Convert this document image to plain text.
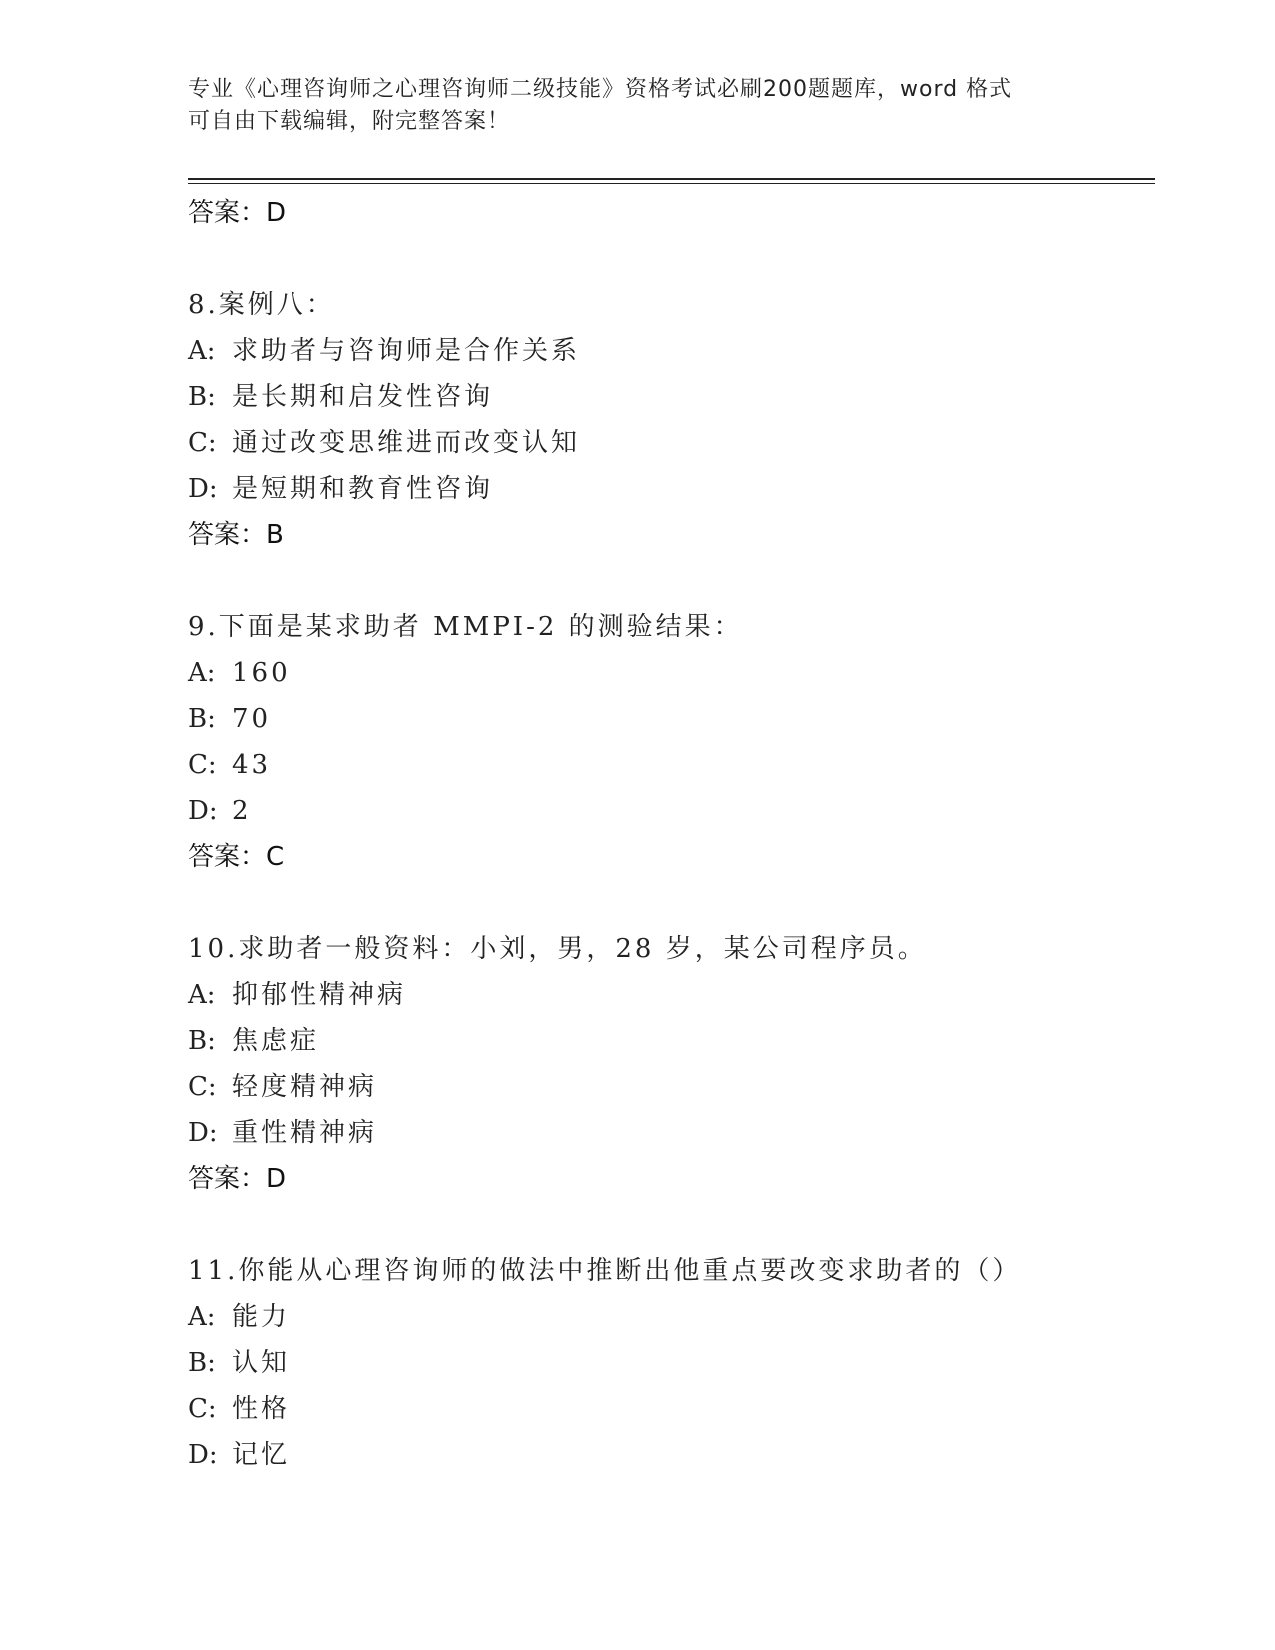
专业《心理咨询师之心理咨询师二级技能》资格考试必刷200题题库，word 格式
可自由下载编辑，附完整答案！
答案：D
8.案例八：
A: 求助者与咨询师是合作关系
B: 是长期和启发性咨询
C: 通过改变思维进而改变认知
D: 是短期和教育性咨询
答案：B
9.下面是某求助者 MMPI-2 的测验结果：
A: 160
B: 70
C: 43
D: 2
答案：C
10.求助者一般资料：小刘，男，28 岁，某公司程序员。
A: 抑郁性精神病
B: 焦虑症
C: 轻度精神病
D: 重性精神病
答案：D
11.你能从心理咨询师的做法中推断出他重点要改变求助者的（）
A: 能力
B: 认知
C: 性格
D: 记忆
